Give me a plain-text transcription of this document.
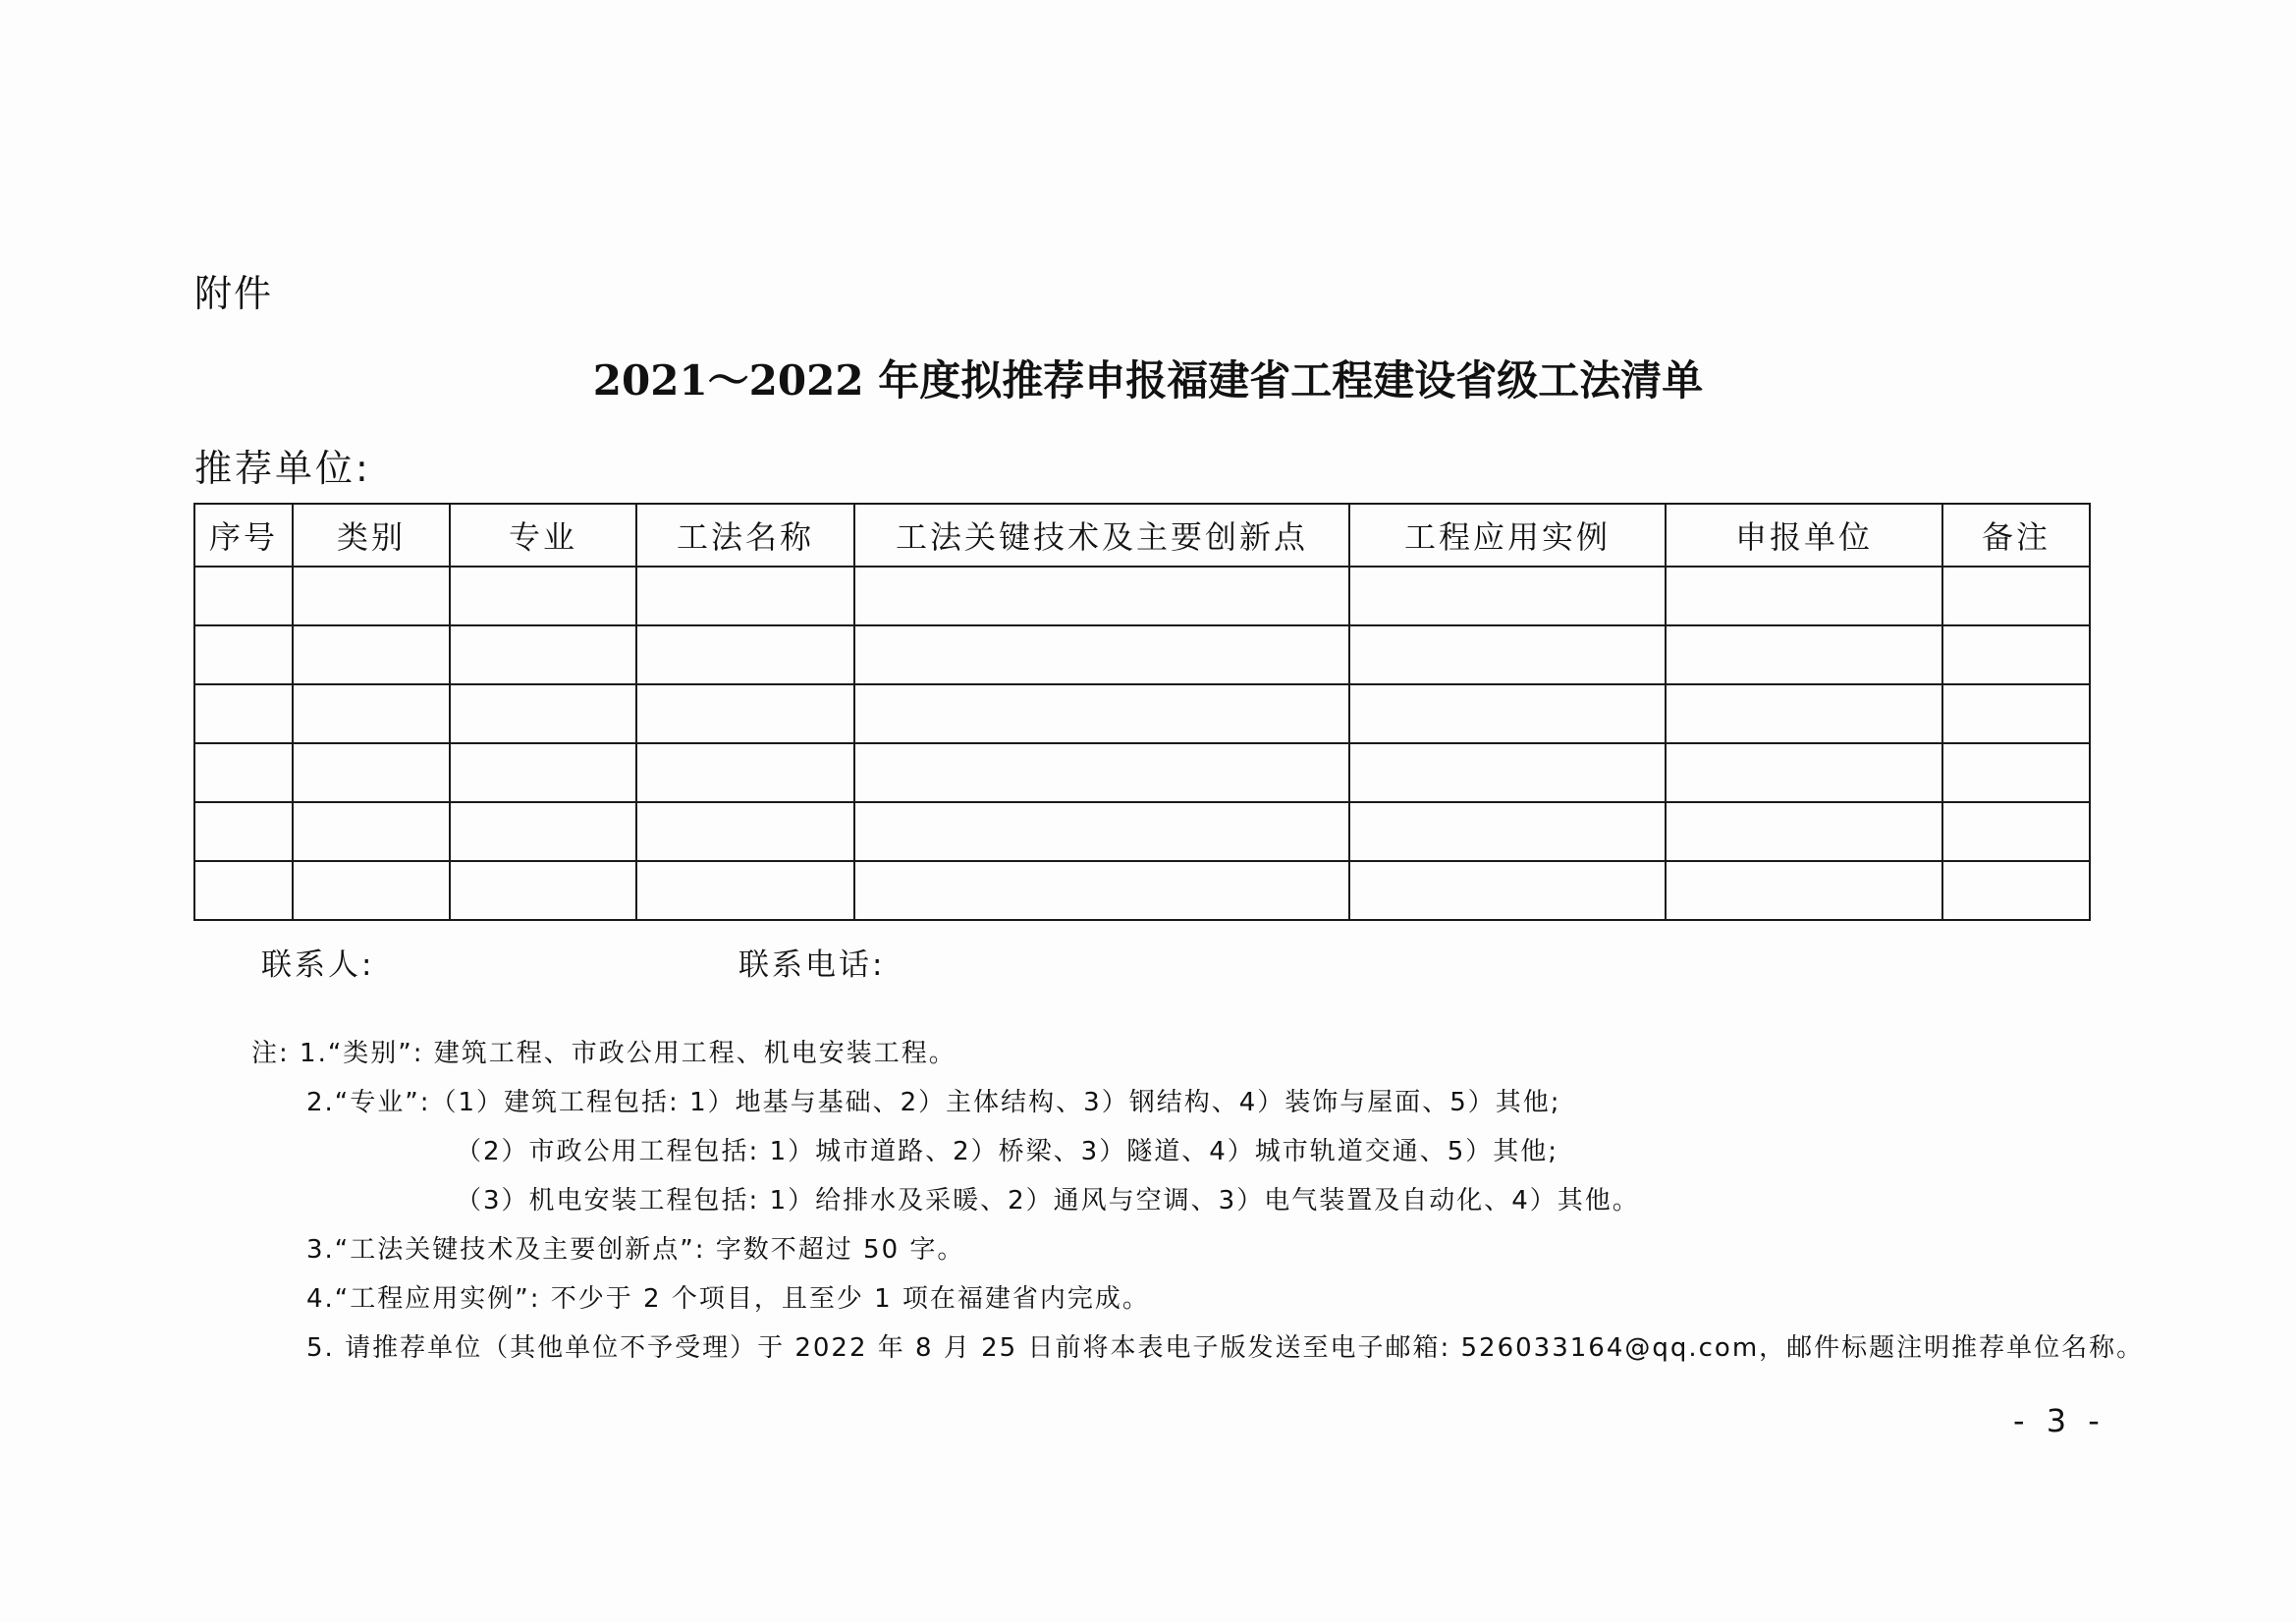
附件
2021～2022 年度拟推荐申报福建省工程建设省级工法清单
推荐单位:
序号	类别	专业	工法名称	工法关键技术及主要创新点	工程应用实例	申报单位	备注

联系人:	联系电话:
注: 1.“类别”: 建筑工程、市政公用工程、机电安装工程。
2.“专业”:（1）建筑工程包括: 1）地基与基础、2）主体结构、3）钢结构、4）装饰与屋面、5）其他;
（2）市政公用工程包括: 1）城市道路、2）桥梁、3）隧道、4）城市轨道交通、5）其他;
（3）机电安装工程包括: 1）给排水及采暖、2）通风与空调、3）电气装置及自动化、4）其他。
3.“工法关键技术及主要创新点”: 字数不超过 50 字。
4.“工程应用实例”: 不少于 2 个项目，且至少 1 项在福建省内完成。
5. 请推荐单位（其他单位不予受理）于 2022 年 8 月 25 日前将本表电子版发送至电子邮箱: 526033164@qq.com，邮件标题注明推荐单位名称。
- 3 -
